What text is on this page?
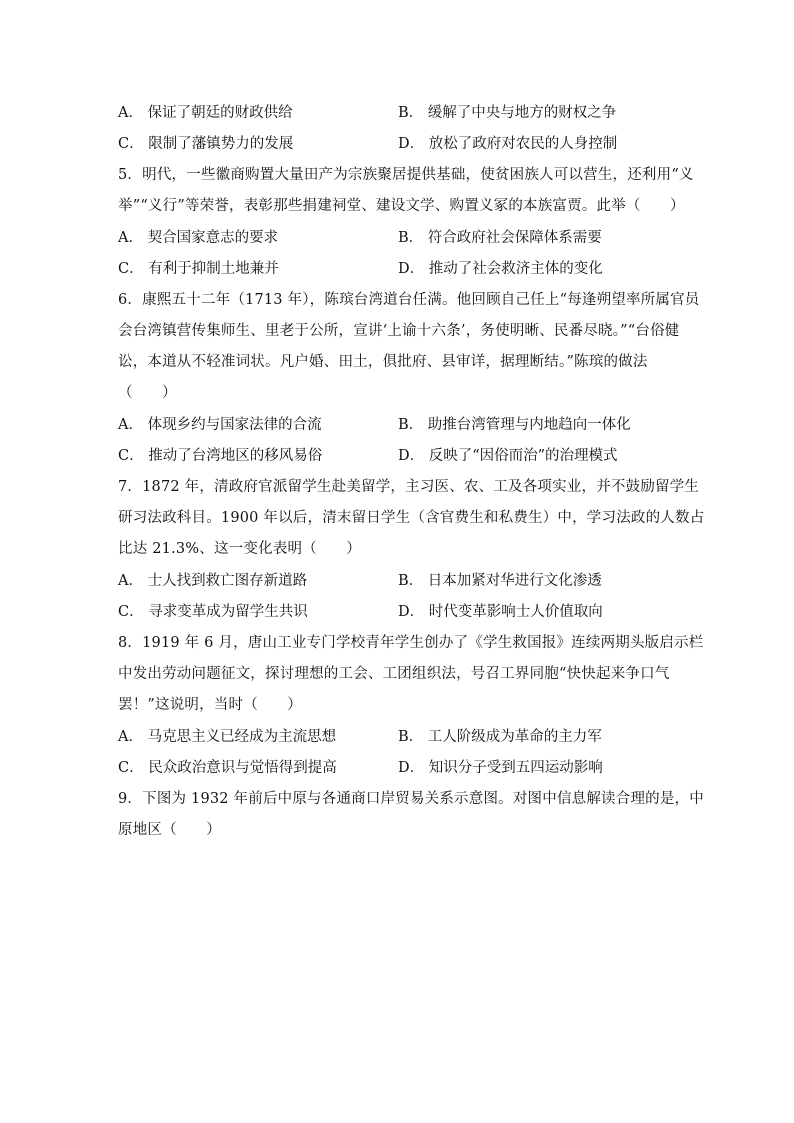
A． 保证了朝廷的财政供给	B． 缓解了中央与地方的财权之争
C． 限制了藩镇势力的发展	D． 放松了政府对农民的人身控制
5．明代，一些徽商购置大量田产为宗族聚居提供基础，使贫困族人可以营生，还利用“义
举”“义行”等荣誉，表彰那些捐建祠堂、建设文学、购置义冢的本族富贾。此举（　　）
A． 契合国家意志的要求	B． 符合政府社会保障体系需要
C． 有利于抑制土地兼并	D． 推动了社会救济主体的变化
6．康熙五十二年（1713 年），陈瑸台湾道台任满。他回顾自己任上“每逢朔望率所属官员
会台湾镇营传集师生、里老于公所，宣讲‘上谕十六条’，务使明晰、民番尽晓。”“台俗健
讼，本道从不轻准词状。凡户婚、田土，俱批府、县审详，据理断结。”陈瑸的做法
（　　）
A． 体现乡约与国家法律的合流	B． 助推台湾管理与内地趋向一体化
C． 推动了台湾地区的移风易俗	D． 反映了“因俗而治”的治理模式
7．1872 年，清政府官派留学生赴美留学，主习医、农、工及各项实业，并不鼓励留学生
研习法政科目。1900 年以后，清末留日学生（含官费生和私费生）中，学习法政的人数占
比达 21.3%、这一变化表明（　　）
A． 士人找到救亡图存新道路	B． 日本加紧对华进行文化渗透
C． 寻求变革成为留学生共识	D． 时代变革影响士人价值取向
8．1919 年 6 月，唐山工业专门学校青年学生创办了《学生救国报》连续两期头版启示栏
中发出劳动问题征文，探讨理想的工会、工团组织法，号召工界同胞“快快起来争口气
罢！”这说明，当时（　　）
A． 马克思主义已经成为主流思想	B． 工人阶级成为革命的主力军
C． 民众政治意识与觉悟得到提高	D． 知识分子受到五四运动影响
9．下图为 1932 年前后中原与各通商口岸贸易关系示意图。对图中信息解读合理的是，中
原地区（　　）
